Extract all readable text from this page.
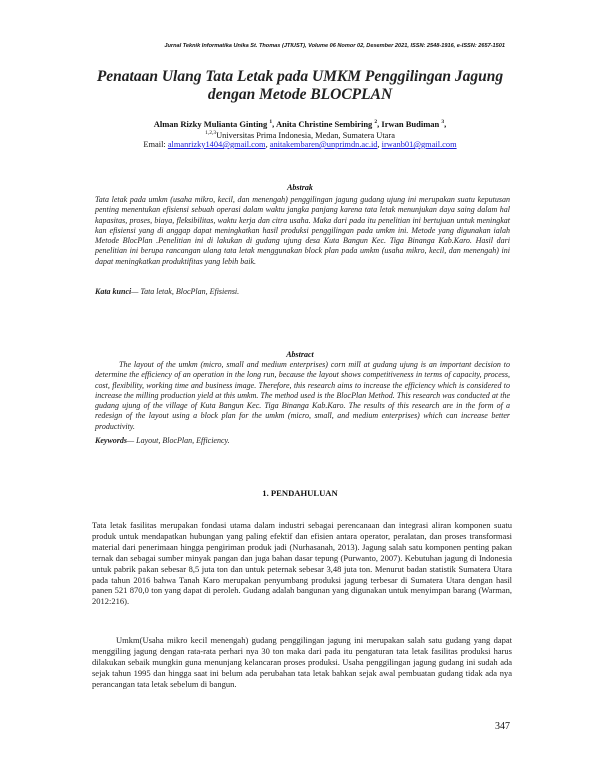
Jurnal Teknik Informatika Unika St. Thomas (JTIUST), Volume 06 Nomor 02, Desember 2021, ISSN: 2548-1916, e-ISSN: 2657-1501
Penataan Ulang Tata Letak pada UMKM Penggilingan Jagung dengan Metode BLOCPLAN
Alman Rizky Mulianta Ginting $^1$, Anita Christine Sembiring $^2$, Irwan Budiman $^3$,
$^{1,2,3}$Universitas Prima Indonesia, Medan, Sumatera Utara
Email: almanrizky1404@gmail.com, anitakembaren@unprimdn.ac.id, irwanb01@gmail.com
Abstrak
Tata letak pada umkm (usaha mikro, kecil, dan menengah) penggilingan jagung gudang ujung ini merupakan suatu keputusan penting menentukan efisiensi sebuah operasi dalam waktu jangka panjang karena tata letak menunjukan daya saing dalam hal kapasitas, proses, biaya, fleksibilitas, waktu kerja dan citra usaha. Maka dari pada itu penelitian ini bertujuan untuk meningkat kan efisiensi yang di anggap dapat meningkatkan hasil produksi penggilingan pada umkm ini. Metode yang digunakan ialah Metode BlocPlan .Penelitian ini di lakukan di gudang ujung desa Kuta Bangun Kec. Tiga Binanga Kab.Karo. Hasil dari penelitian ini berupa rancangan ulang tata letak menggunakan block plan pada umkm (usaha mikro, kecil, dan menengah) ini dapat meningkatkan produktifitas yang lebih baik.
Kata kunci— Tata letak, BlocPlan, Efisiensi.
Abstract
The layout of the umkm (micro, small and medium enterprises) corn mill at gudang ujung is an important decision to determine the efficiency of an operation in the long run, because the layout shows competitiveness in terms of capacity, process, cost, flexibility, working time and business image. Therefore, this research aims to increase the efficiency which is considered to increase the milling production yield at this umkm. The method used is the BlocPlan Method. This research was conducted at the gudang ujung of the village of Kuta Bangun Kec. Tiga Binanga Kab.Karo. The results of this research are in the form of a redesign of the layout using a block plan for the umkm (micro, small, and medium enterprises) which can increase better productivity.
Keywords— Layout, BlocPlan, Efficiency.
1. PENDAHULUAN
Tata letak fasilitas merupakan fondasi utama dalam industri sebagai perencanaan dan integrasi aliran komponen suatu produk untuk mendapatkan hubungan yang paling efektif dan efisien antara operator, peralatan, dan proses transformasi material dari penerimaan hingga pengiriman produk jadi (Nurhasanah, 2013). Jagung salah satu komponen penting pakan ternak dan sebagai sumber minyak pangan dan juga bahan dasar tepung (Purwanto, 2007). Kebutuhan jagung di Indonesia untuk pabrik pakan sebesar 8,5 juta ton dan untuk peternak sebesar 3,48 juta ton. Menurut badan statistik Sumatera Utara pada tahun 2016 bahwa Tanah Karo merupakan penyumbang produksi jagung terbesar di Sumatera Utara dengan hasil panen 521 870,0 ton yang dapat di peroleh. Gudang adalah bangunan yang digunakan untuk menyimpan barang (Warman, 2012:216).
Umkm(Usaha mikro kecil menengah) gudang penggilingan jagung ini merupakan salah satu gudang yang dapat menggiling jagung dengan rata-rata perhari nya 30 ton maka dari pada itu pengaturan tata letak fasilitas produksi harus dilakukan sebaik mungkin guna menunjang kelancaran proses produksi. Usaha penggilingan jagung gudang ini sudah ada sejak tahun 1995 dan hingga saat ini belum ada perubahan tata letak bahkan sejak awal pembuatan gudang tidak ada nya perancangan tata letak sebelum di bangun.
347
